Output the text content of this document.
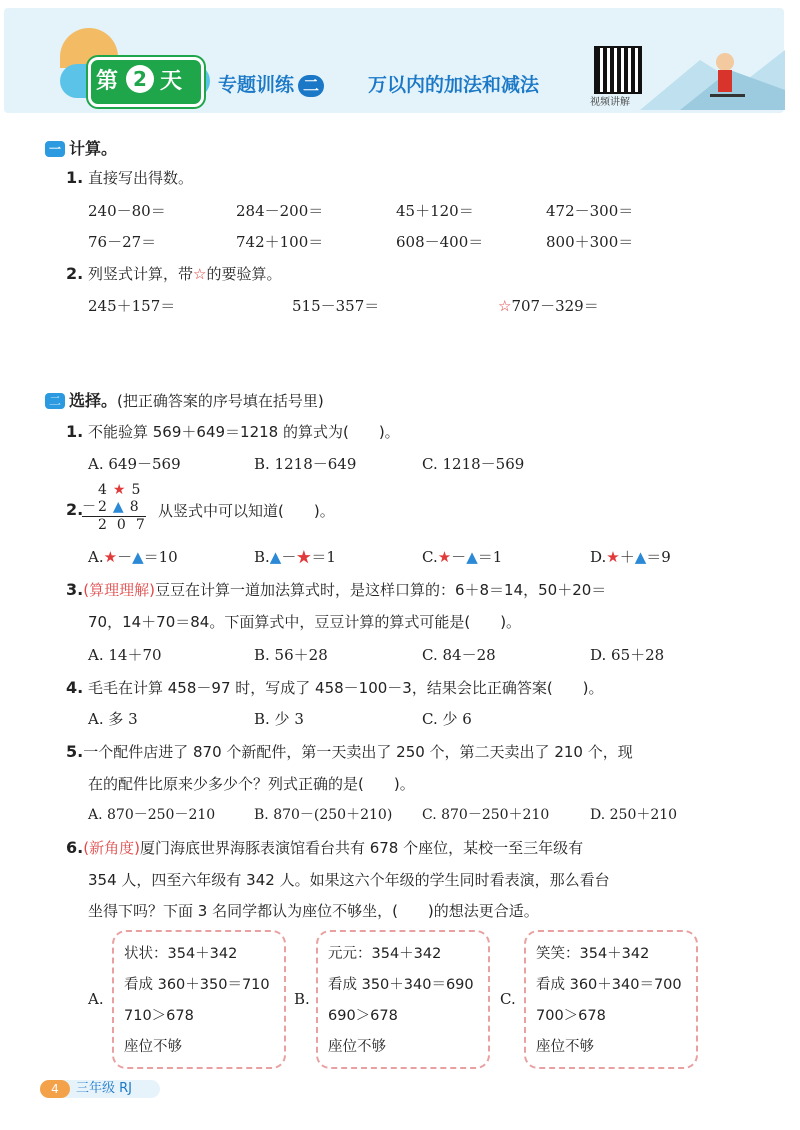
第 2 天 专题训练 二	万以内的加法和减法
视频讲解
一 计算。
1. 直接写出得数。
240－80＝	284－200＝	45＋120＝	472－300＝
76－27＝	742＋100＝	608－400＝	800＋300＝
2. 列竖式计算，带☆的要验算。
245＋157＝	515－357＝	☆707－329＝
二 选择。(把正确答案的序号填在括号里)
1. 不能验算 569＋649＝1218 的算式为(　　)。
A. 649－569	B. 1218－649	C. 1218－569
2.
4 ★ 5
－ 2 ▲ 8
2 0 7
从竖式中可以知道(　　)。
A.★－▲＝10	B.▲－★＝1	C.★－▲＝1	D.★＋▲＝9
3.(算理理解)豆豆在计算一道加法算式时，是这样口算的：6＋8＝14，50＋20＝
70，14＋70＝84。下面算式中，豆豆计算的算式可能是(　　)。
A. 14＋70	B. 56＋28	C. 84－28	D. 65＋28
4. 毛毛在计算 458－97 时，写成了 458－100－3，结果会比正确答案(　　)。
A. 多 3	B. 少 3	C. 少 6
5.一个配件店进了 870 个新配件，第一天卖出了 250 个，第二天卖出了 210 个，现
在的配件比原来少多少个？列式正确的是(　　)。
A. 870－250－210	B. 870－(250＋210) C. 870－250＋210	D. 250＋210
6.(新角度)厦门海底世界海豚表演馆看台共有 678 个座位，某校一至三年级有
354 人，四至六年级有 342 人。如果这六个年级的学生同时看表演，那么看台
坐得下吗？下面 3 名同学都认为座位不够坐，(　　)的想法更合适。
A.
状状：354＋342
看成 360＋350＝710
710＞678
座位不够
B.
元元：354＋342
看成 350＋340＝690
690＞678
座位不够
C.
笑笑：354＋342
看成 360＋340＝700
700＞678
座位不够
4	三年级 RJ
